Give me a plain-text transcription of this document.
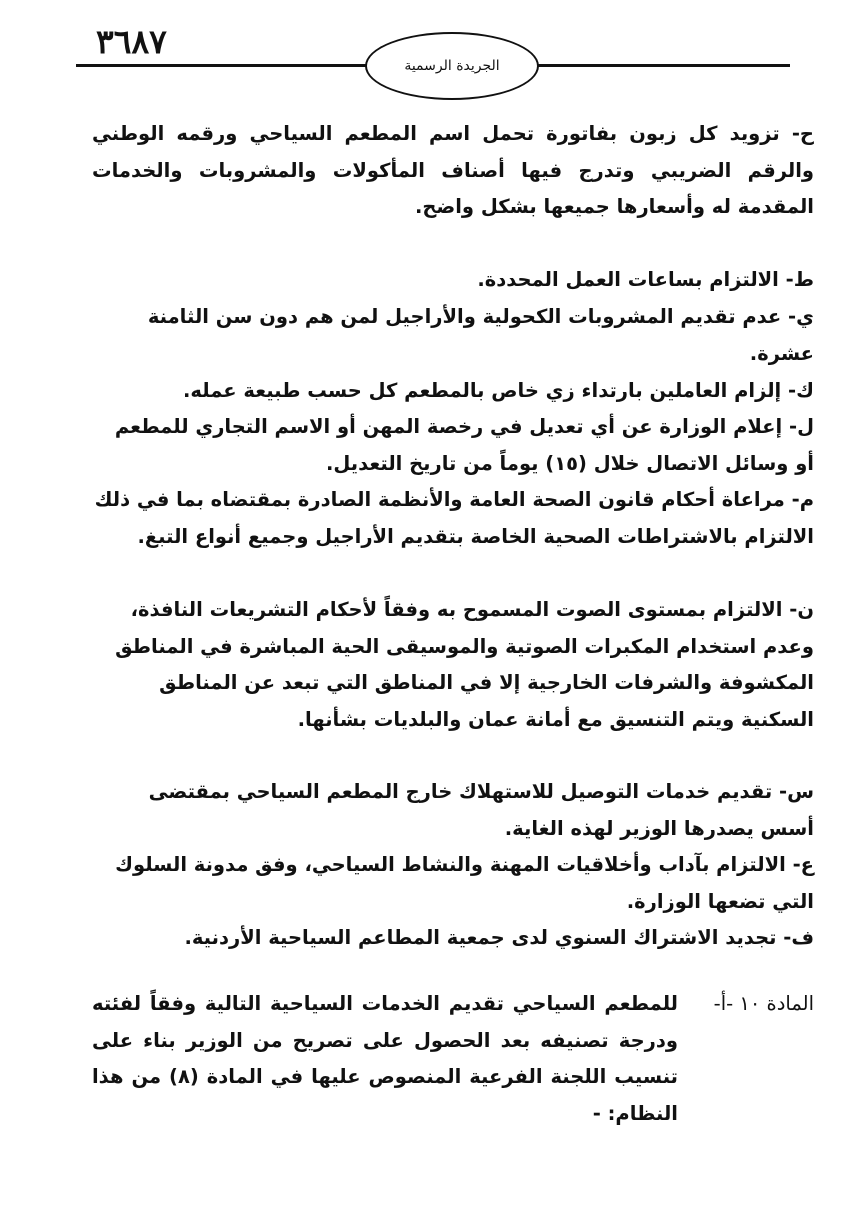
٣٦٨٧
الجريدة الرسمية
ح- تزويد كل زبون بفاتورة تحمل اسم المطعم السياحي ورقمه الوطني والرقم الضريبي وتدرج فيها أصناف المأكولات والمشروبات والخدمات المقدمة له وأسعارها جميعها بشكل واضح.
ط- الالتزام بساعات العمل المحددة.
ي- عدم تقديم المشروبات الكحولية والأراجيل لمن هم دون سن الثامنة عشرة.
ك- إلزام العاملين بارتداء زي خاص بالمطعم كل حسب طبيعة عمله.
ل- إعلام الوزارة عن أي تعديل في رخصة المهن أو الاسم التجاري للمطعم أو وسائل الاتصال خلال (١٥) يوماً من تاريخ التعديل.
م- مراعاة أحكام قانون الصحة العامة والأنظمة الصادرة بمقتضاه بما في ذلك الالتزام بالاشتراطات الصحية الخاصة بتقديم الأراجيل وجميع أنواع التبغ.
ن- الالتزام بمستوى الصوت المسموح به وفقاً لأحكام التشريعات النافذة، وعدم استخدام المكبرات الصوتية والموسيقى الحية المباشرة في المناطق المكشوفة والشرفات الخارجية إلا في المناطق التي تبعد عن المناطق السكنية ويتم التنسيق مع أمانة عمان والبلديات بشأنها.
س- تقديم خدمات التوصيل للاستهلاك خارج المطعم السياحي بمقتضى أسس يصدرها الوزير لهذه الغاية.
ع- الالتزام بآداب وأخلاقيات المهنة والنشاط السياحي، وفق مدونة السلوك التي تضعها الوزارة.
ف- تجديد الاشتراك السنوي لدى جمعية المطاعم السياحية الأردنية.
المادة ١٠ -أ-
للمطعم السياحي تقديم الخدمات السياحية التالية وفقاً لفئته ودرجة تصنيفه بعد الحصول على تصريح من الوزير بناء على تنسيب اللجنة الفرعية المنصوص عليها في المادة (٨) من هذا النظام: -
